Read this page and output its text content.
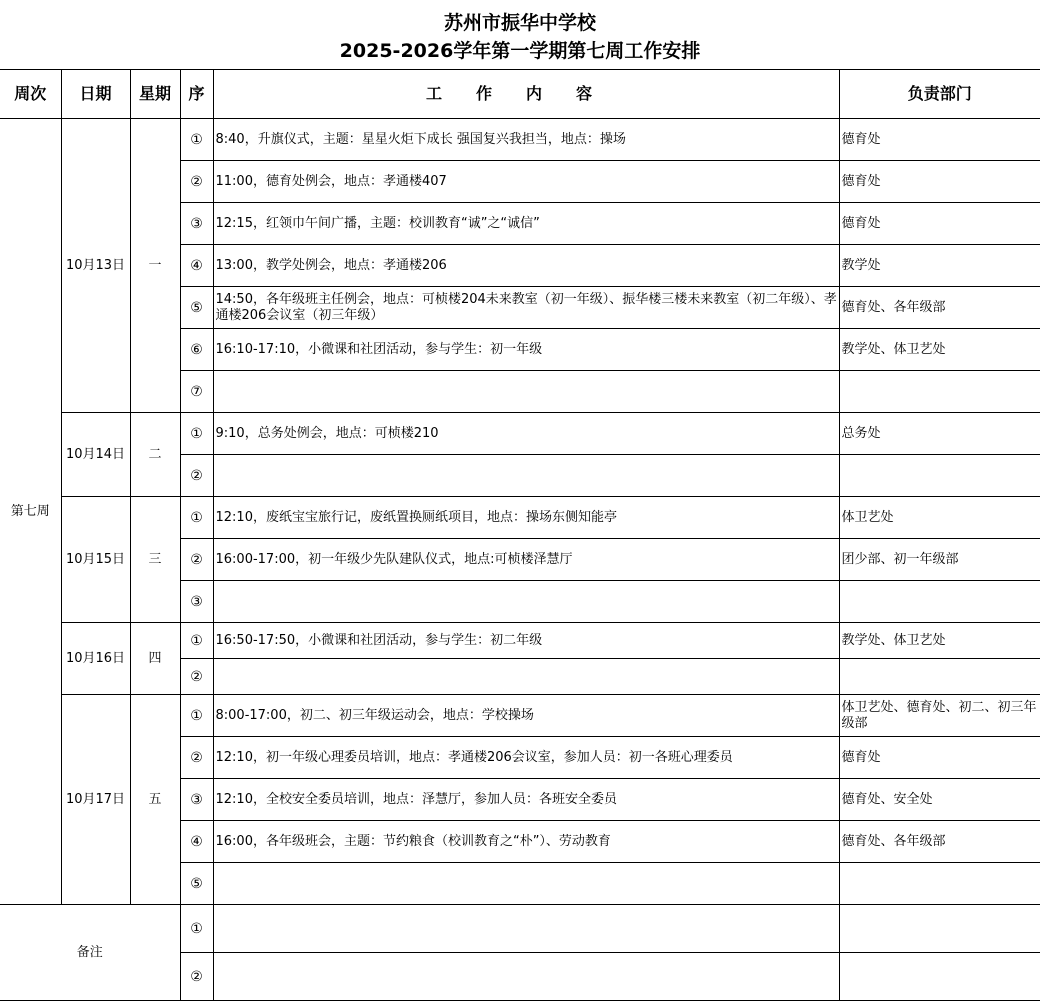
苏州市振华中学校
2025-2026学年第一学期第七周工作安排
周次	日期	星期	序	工作内容	负责部门
第七周	10月13日	一	①	8:40，升旗仪式，主题：星星火炬下成长 强国复兴我担当，地点：操场	德育处
			②	11:00，德育处例会，地点：孝通楼407	德育处
			③	12:15，红领巾午间广播，主题：校训教育“诚”之“诚信”	德育处
			④	13:00，教学处例会，地点：孝通楼206	教学处
			⑤	14:50，各年级班主任例会，地点：可桢楼204未来教室（初一年级）、振华楼三楼未来教室（初二年级）、孝通楼206会议室（初三年级）	德育处、各年级部
			⑥	16:10-17:10，小微课和社团活动，参与学生：初一年级	教学处、体卫艺处
			⑦		
	10月14日	二	①	9:10，总务处例会，地点：可桢楼210	总务处
			②		
	10月15日	三	①	12:10，废纸宝宝旅行记，废纸置换厕纸项目，地点：操场东侧知能亭	体卫艺处
			②	16:00-17:00，初一年级少先队建队仪式，地点:可桢楼泽慧厅	团少部、初一年级部
			③		
	10月16日	四	①	16:50-17:50，小微课和社团活动，参与学生：初二年级	教学处、体卫艺处
			②		
	10月17日	五	①	8:00-17:00，初二、初三年级运动会，地点：学校操场	体卫艺处、德育处、初二、初三年级部
			②	12:10，初一年级心理委员培训，地点：孝通楼206会议室，参加人员：初一各班心理委员	德育处
			③	12:10，全校安全委员培训，地点：泽慧厅，参加人员：各班安全委员	德育处、安全处
			④	16:00，各年级班会，主题：节约粮食（校训教育之“朴”）、劳动教育	德育处、各年级部
			⑤		
备注			①		
			②		
